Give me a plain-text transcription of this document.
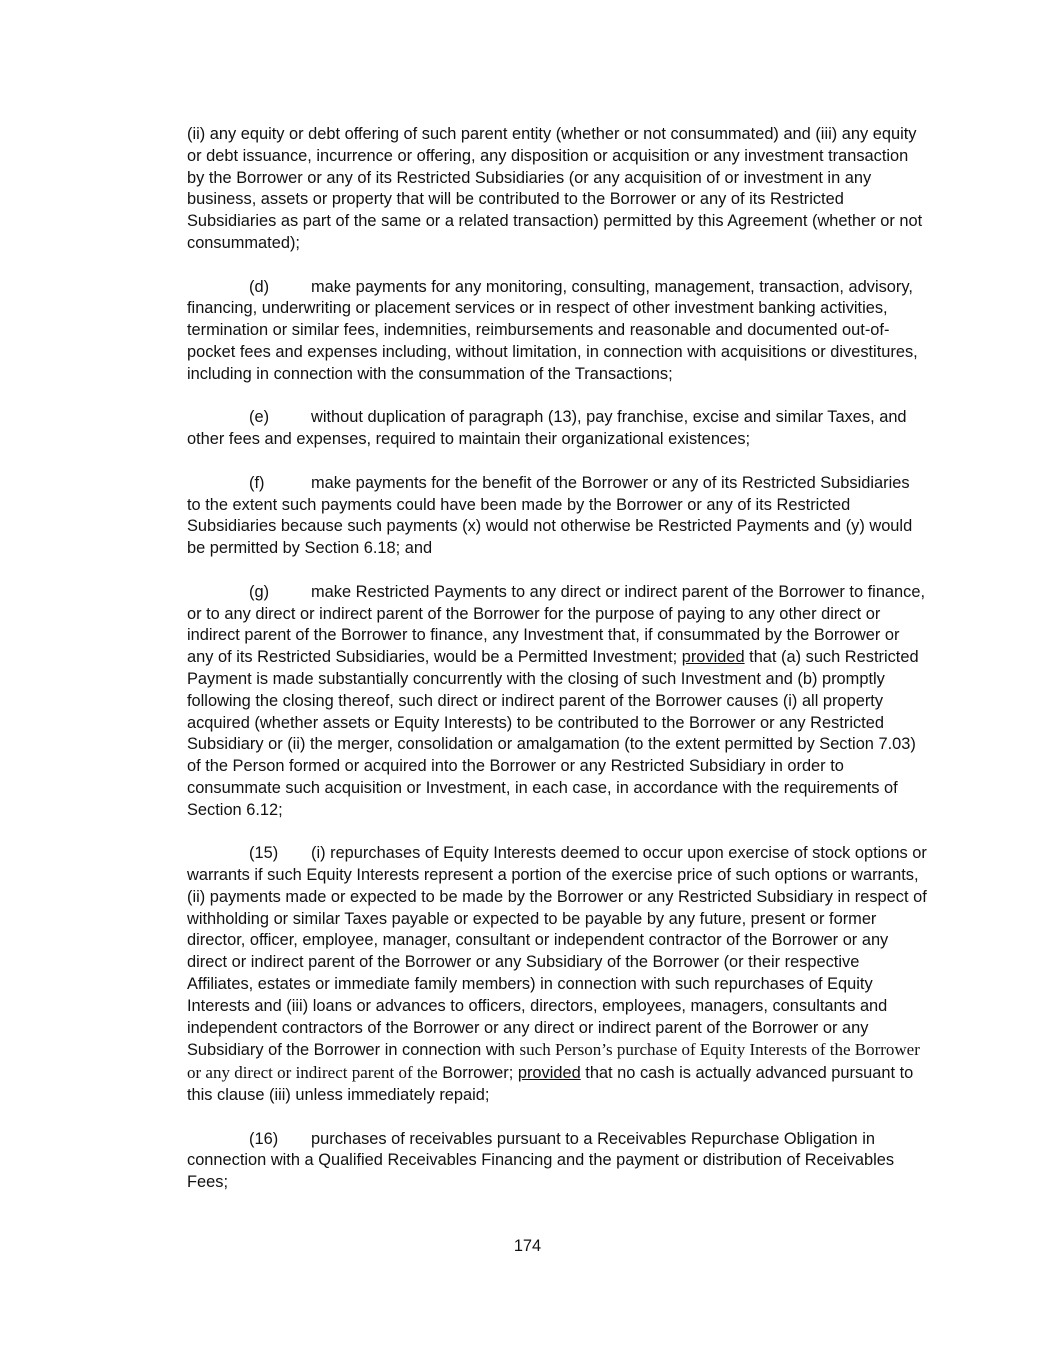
(ii) any equity or debt offering of such parent entity (whether or not consummated) and (iii) any equity or debt issuance, incurrence or offering, any disposition or acquisition or any investment transaction by the Borrower or any of its Restricted Subsidiaries (or any acquisition of or investment in any business, assets or property that will be contributed to the Borrower or any of its Restricted Subsidiaries as part of the same or a related transaction) permitted by this Agreement (whether or not consummated);

(d)	make payments for any monitoring, consulting, management, transaction, advisory, financing, underwriting or placement services or in respect of other investment banking activities, termination or similar fees, indemnities, reimbursements and reasonable and documented out-of-pocket fees and expenses including, without limitation, in connection with acquisitions or divestitures, including in connection with the consummation of the Transactions;

(e)	without duplication of paragraph (13), pay franchise, excise and similar Taxes, and other fees and expenses, required to maintain their organizational existences;

(f)	make payments for the benefit of the Borrower or any of its Restricted Subsidiaries to the extent such payments could have been made by the Borrower or any of its Restricted Subsidiaries because such payments (x) would not otherwise be Restricted Payments and (y) would be permitted by Section 6.18; and

(g)	make Restricted Payments to any direct or indirect parent of the Borrower to finance, or to any direct or indirect parent of the Borrower for the purpose of paying to any other direct or indirect parent of the Borrower to finance, any Investment that, if consummated by the Borrower or any of its Restricted Subsidiaries, would be a Permitted Investment; provided that (a) such Restricted Payment is made substantially concurrently with the closing of such Investment and (b) promptly following the closing thereof, such direct or indirect parent of the Borrower causes (i) all property acquired (whether assets or Equity Interests) to be contributed to the Borrower or any Restricted Subsidiary or (ii) the merger, consolidation or amalgamation (to the extent permitted by Section 7.03) of the Person formed or acquired into the Borrower or any Restricted Subsidiary in order to consummate such acquisition or Investment, in each case, in accordance with the requirements of Section 6.12;

(15) (i) repurchases of Equity Interests deemed to occur upon exercise of stock options or warrants if such Equity Interests represent a portion of the exercise price of such options or warrants, (ii) payments made or expected to be made by the Borrower or any Restricted Subsidiary in respect of withholding or similar Taxes payable or expected to be payable by any future, present or former director, officer, employee, manager, consultant or independent contractor of the Borrower or any direct or indirect parent of the Borrower or any Subsidiary of the Borrower (or their respective Affiliates, estates or immediate family members) in connection with such repurchases of Equity Interests and (iii) loans or advances to officers, directors, employees, managers, consultants and independent contractors of the Borrower or any direct or indirect parent of the Borrower or any Subsidiary of the Borrower in connection with such Person’s purchase of Equity Interests of the Borrower or any direct or indirect parent of the Borrower; provided that no cash is actually advanced pursuant to this clause (iii) unless immediately repaid;

(16) purchases of receivables pursuant to a Receivables Repurchase Obligation in connection with a Qualified Receivables Financing and the payment or distribution of Receivables Fees;

174
